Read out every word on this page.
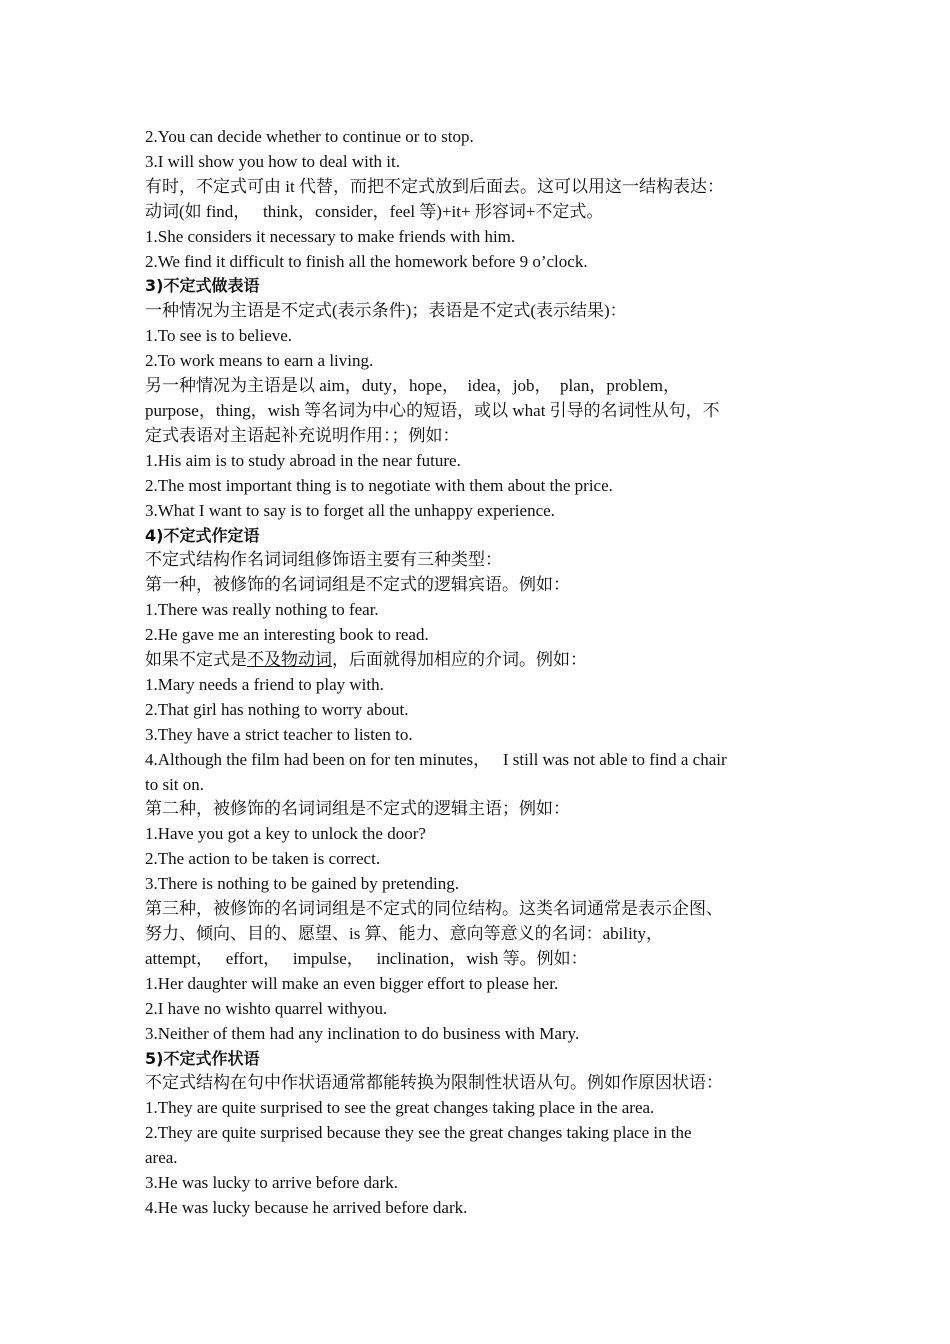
2.You can decide whether to continue or to stop.
3.I will show you how to deal with it.
有时，不定式可由 it 代替，而把不定式放到后面去。这可以用这一结构表达：
动词(如 find，   think，consider，feel 等)+it+ 形容词+不定式。
1.She considers it necessary to make friends with him.
2.We find it difficult to finish all the homework before 9 o’clock.
3)不定式做表语
一种情况为主语是不定式(表示条件)；表语是不定式(表示结果)：
1.To see is to believe.
2.To work means to earn a living.
另一种情况为主语是以 aim，duty，hope，  idea，job，  plan，problem，
purpose，thing，wish 等名词为中心的短语，或以 what 引导的名词性从句，不
定式表语对主语起补充说明作用：；例如：
1.His aim is to study abroad in the near future.
2.The most important thing is to negotiate with them about the price.
3.What I want to say is to forget all the unhappy experience.
4)不定式作定语
不定式结构作名词词组修饰语主要有三种类型：
第一种，被修饰的名词词组是不定式的逻辑宾语。例如：
1.There was really nothing to fear.
2.He gave me an interesting book to read.
如果不定式是不及物动词，后面就得加相应的介词。例如：
1.Mary needs a friend to play with.
2.That girl has nothing to worry about.
3.They have a strict teacher to listen to.
4.Although the film had been on for ten minutes，   I still was not able to find a chair
to sit on.
第二种，被修饰的名词词组是不定式的逻辑主语；例如：
1.Have you got a key to unlock the door?
2.The action to be taken is correct.
3.There is nothing to be gained by pretending.
第三种，被修饰的名词词组是不定式的同位结构。这类名词通常是表示企图、
努力、倾向、目的、愿望、is 算、能力、意向等意义的名词：ability，
attempt，   effort，   impulse，   inclination，wish 等。例如：
1.Her daughter will make an even bigger effort to please her.
2.I have no wishto quarrel withyou.
3.Neither of them had any inclination to do business with Mary.
5)不定式作状语
不定式结构在句中作状语通常都能转换为限制性状语从句。例如作原因状语：
1.They are quite surprised to see the great changes taking place in the area.
2.They are quite surprised because they see the great changes taking place in the
area.
3.He was lucky to arrive before dark.
4.He was lucky because he arrived before dark.
